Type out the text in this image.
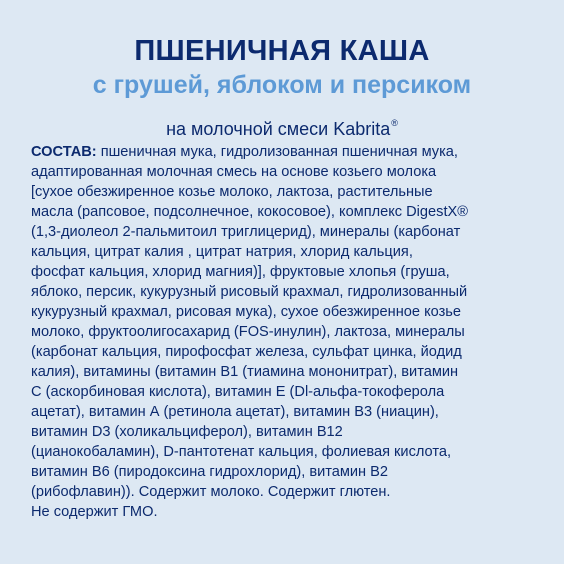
ПШЕНИЧНАЯ КАША
с грушей, яблоком и персиком

на молочной смеси Kabrita®

СОСТАВ: пшеничная мука, гидролизованная пшеничная мука,
адаптированная молочная смесь на основе козьего молока
[сухое обезжиренное козье молоко, лактоза, растительные
масла (рапсовое, подсолнечное, кокосовое), комплекс DigestX®
(1,3-диолеол 2-пальмитоил триглицерид), минералы (карбонат
кальция, цитрат калия , цитрат натрия, хлорид кальция,
фосфат кальция, хлорид магния)], фруктовые хлопья (груша,
яблоко, персик, кукурузный рисовый крахмал, гидролизованный
кукурузный крахмал, рисовая мука), сухое обезжиренное козье
молоко, фруктоолигосахарид (FOS-инулин), лактоза, минералы
(карбонат кальция, пирофосфат железа, сульфат цинка, йодид
калия), витамины (витамин B1 (тиамина мононитрат), витамин
С (аскорбиновая кислота), витамин Е (Dl-альфа-токоферола
ацетат), витамин А (ретинола ацетат), витамин В3 (ниацин),
витамин D3 (холикальциферол), витамин В12
(цианокобаламин), D-пантотенат кальция, фолиевая кислота,
витамин В6 (пиродоксина гидрохлорид), витамин В2
(рибофлавин)). Содержит молоко. Содержит глютен.
Не содержит ГМО.
